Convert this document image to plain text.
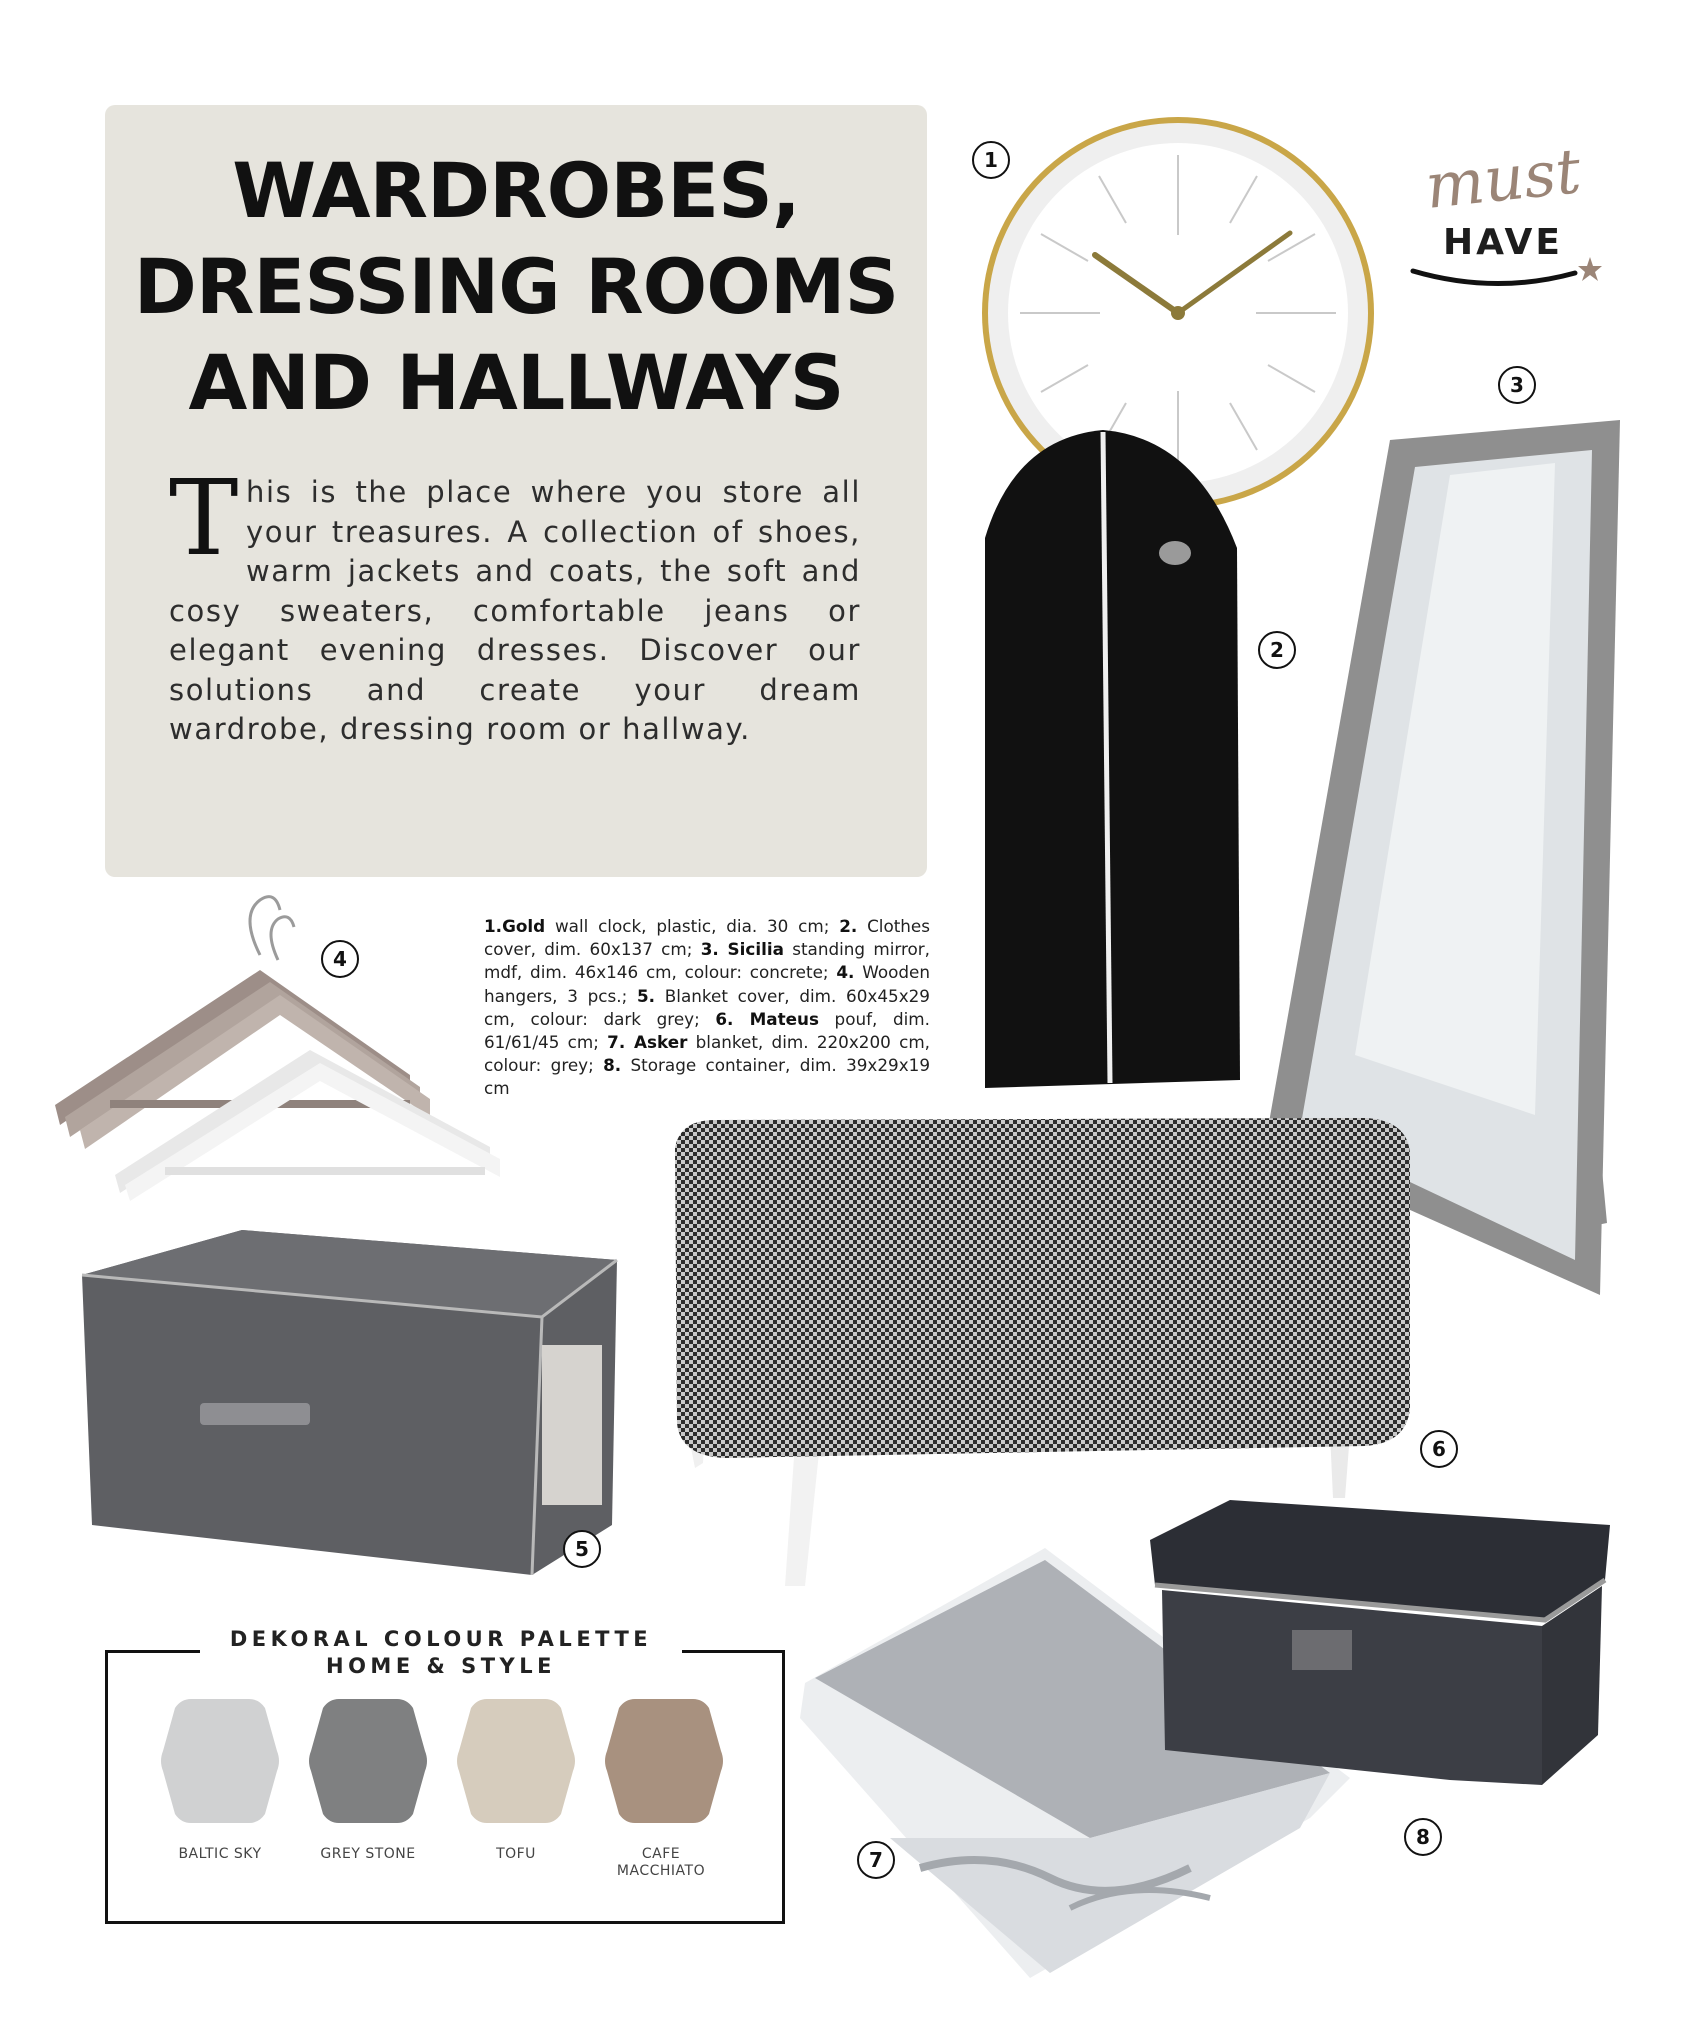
WARDROBES,
DRESSING ROOMS
AND HALLWAYS

This is the place where you store all your treasures. A collection of shoes, warm jackets and coats, the soft and cosy sweaters, comfortable jeans or elegant evening dresses. Discover our solutions and create your dream wardrobe, dressing room or hallway.

1.Gold wall clock, plastic, dia. 30 cm; 2. Clothes cover, dim. 60x137 cm; 3. Sicilia standing mirror, mdf, dim. 46x146 cm, colour: concrete; 4. Wooden hangers, 3 pcs.; 5. Blanket cover, dim. 60x45x29 cm, colour: dark grey; 6. Mateus pouf, dim. 61/61/45 cm; 7. Asker blanket, dim. 220x200 cm, colour: grey; 8. Storage container, dim. 39x29x19 cm

must

HAVE

1
2
3
4
5
6
7
8

DEKORAL COLOUR PALETTE
HOME & STYLE

BALTIC SKY	GREY STONE	TOFU	CAFE MACCHIATO
